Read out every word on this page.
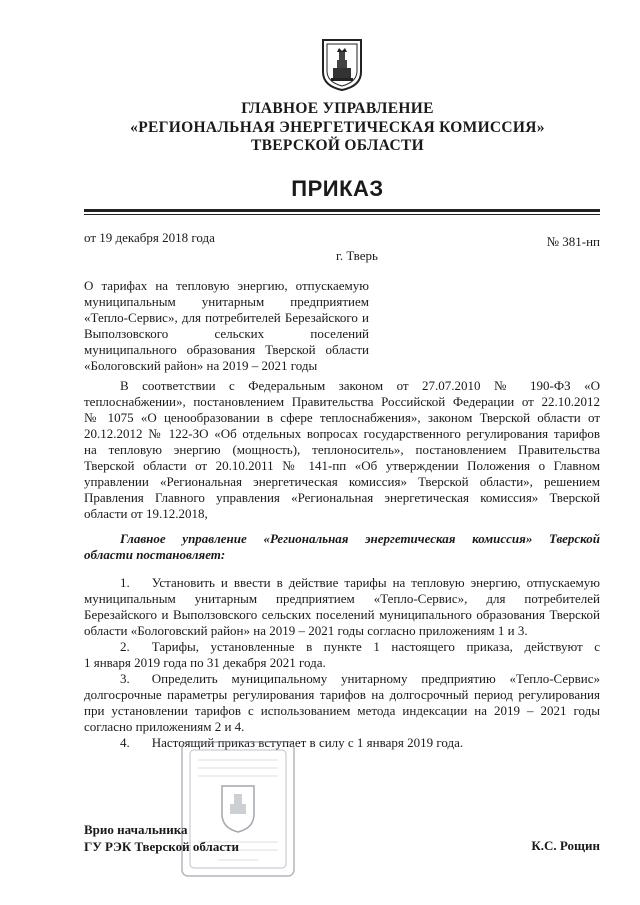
ГЛАВНОЕ УПРАВЛЕНИЕ
«РЕГИОНАЛЬНАЯ ЭНЕРГЕТИЧЕСКАЯ КОМИССИЯ»
ТВЕРСКОЙ ОБЛАСТИ
ПРИКАЗ
от 19 декабря 2018 года	№ 381-нп
г. Тверь
О тарифах на тепловую энергию, отпускаемую
муниципальным унитарным предприятием
«Тепло-Сервис», для потребителей Березайского и
Выползовского сельских поселений
муниципального образования Тверской области
«Бологовский район» на 2019 – 2021 годы
В соответствии с Федеральным законом от 27.07.2010 № 190-ФЗ «О
теплоснабжении», постановлением Правительства Российской Федерации от 22.10.2012
№ 1075 «О ценообразовании в сфере теплоснабжения», законом Тверской области от
20.12.2012 № 122-ЗО «Об отдельных вопросах государственного регулирования тарифов
на тепловую энергию (мощность), теплоноситель», постановлением Правительства
Тверской области от 20.10.2011 № 141-пп «Об утверждении Положения о Главном
управлении «Региональная энергетическая комиссия» Тверской области», решением
Правления Главного управления «Региональная энергетическая комиссия» Тверской
области от 19.12.2018,
Главное управление «Региональная энергетическая комиссия» Тверской
области постановляет:
1. Установить и ввести в действие тарифы на тепловую энергию, отпускаемую
муниципальным унитарным предприятием «Тепло-Сервис», для потребителей
Березайского и Выползовского сельских поселений муниципального образования Тверской
области «Бологовский район» на 2019 – 2021 годы согласно приложениям 1 и 3.
2. Тарифы, установленные в пункте 1 настоящего приказа, действуют с
1 января 2019 года по 31 декабря 2021 года.
3. Определить муниципальному унитарному предприятию «Тепло-Сервис»
долгосрочные параметры регулирования тарифов на долгосрочный период регулирования
при установлении тарифов с использованием метода индексации на 2019 – 2021 годы
согласно приложениям 2 и 4.
4. Настоящий приказ вступает в силу с 1 января 2019 года.
Врио начальника
ГУ РЭК Тверской области	К.С. Рощин
